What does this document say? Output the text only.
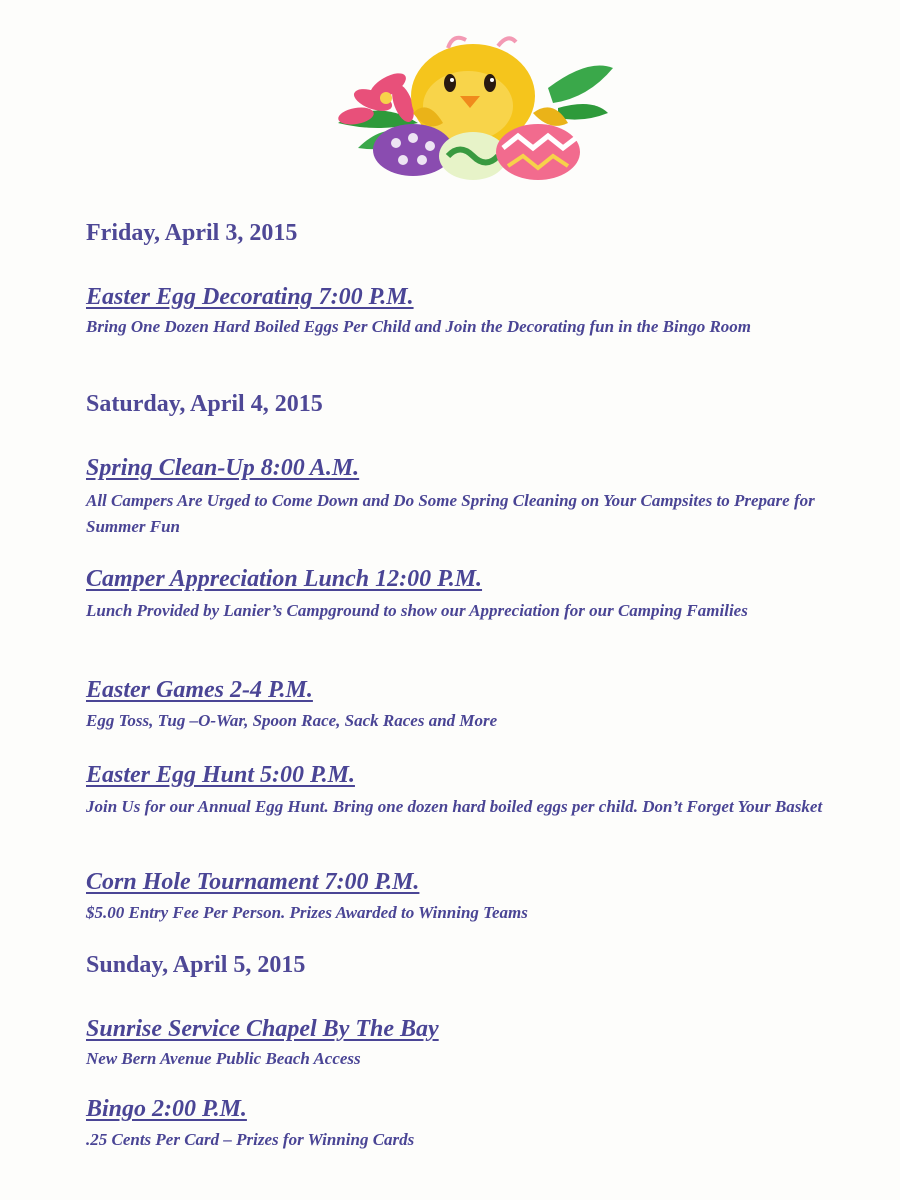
Friday, April 3, 2015
Easter Egg Decorating 7:00 P.M.
Bring One Dozen Hard Boiled Eggs Per Child and Join the Decorating fun in the Bingo Room
Saturday, April 4, 2015
Spring Clean-Up 8:00 A.M.
All Campers Are Urged to Come Down and Do Some Spring Cleaning on Your Campsites to Prepare for Summer Fun
Camper Appreciation Lunch 12:00 P.M.
Lunch Provided by Lanier’s Campground to show our Appreciation for our Camping Families
Easter Games 2-4 P.M.
Egg Toss, Tug –O-War, Spoon Race, Sack Races and More
Easter Egg Hunt 5:00 P.M.
Join Us for our Annual Egg Hunt. Bring one dozen hard boiled eggs per child. Don’t Forget Your Basket
Corn Hole Tournament 7:00 P.M.
$5.00 Entry Fee Per Person. Prizes Awarded to Winning Teams
Sunday, April 5, 2015
Sunrise Service Chapel By The Bay
New Bern Avenue Public Beach Access
Bingo 2:00 P.M.
.25 Cents Per Card – Prizes for Winning Cards
